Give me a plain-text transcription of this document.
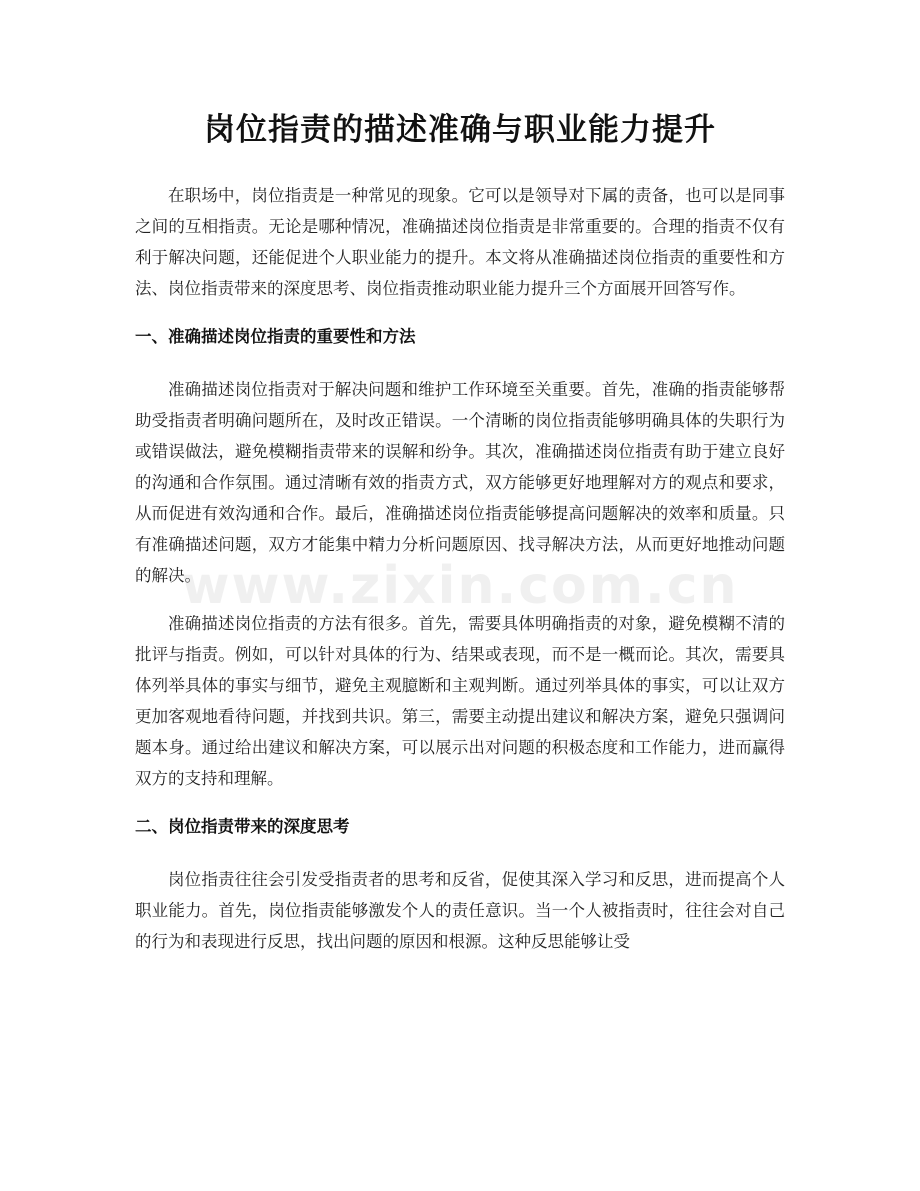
岗位指责的描述准确与职业能力提升

在职场中，岗位指责是一种常见的现象。它可以是领导对下属的责备，也可以是同事之间的互相指责。无论是哪种情况，准确描述岗位指责是非常重要的。合理的指责不仅有利于解决问题，还能促进个人职业能力的提升。本文将从准确描述岗位指责的重要性和方法、岗位指责带来的深度思考、岗位指责推动职业能力提升三个方面展开回答写作。

一、准确描述岗位指责的重要性和方法

准确描述岗位指责对于解决问题和维护工作环境至关重要。首先，准确的指责能够帮助受指责者明确问题所在，及时改正错误。一个清晰的岗位指责能够明确具体的失职行为或错误做法，避免模糊指责带来的误解和纷争。其次，准确描述岗位指责有助于建立良好的沟通和合作氛围。通过清晰有效的指责方式，双方能够更好地理解对方的观点和要求，从而促进有效沟通和合作。最后，准确描述岗位指责能够提高问题解决的效率和质量。只有准确描述问题，双方才能集中精力分析问题原因、找寻解决方法，从而更好地推动问题的解决。

准确描述岗位指责的方法有很多。首先，需要具体明确指责的对象，避免模糊不清的批评与指责。例如，可以针对具体的行为、结果或表现，而不是一概而论。其次，需要具体列举具体的事实与细节，避免主观臆断和主观判断。通过列举具体的事实，可以让双方更加客观地看待问题，并找到共识。第三，需要主动提出建议和解决方案，避免只强调问题本身。通过给出建议和解决方案，可以展示出对问题的积极态度和工作能力，进而赢得双方的支持和理解。

二、岗位指责带来的深度思考

岗位指责往往会引发受指责者的思考和反省，促使其深入学习和反思，进而提高个人职业能力。首先，岗位指责能够激发个人的责任意识。当一个人被指责时，往往会对自己的行为和表现进行反思，找出问题的原因和根源。这种反思能够让受

www.zixin.com.cn
